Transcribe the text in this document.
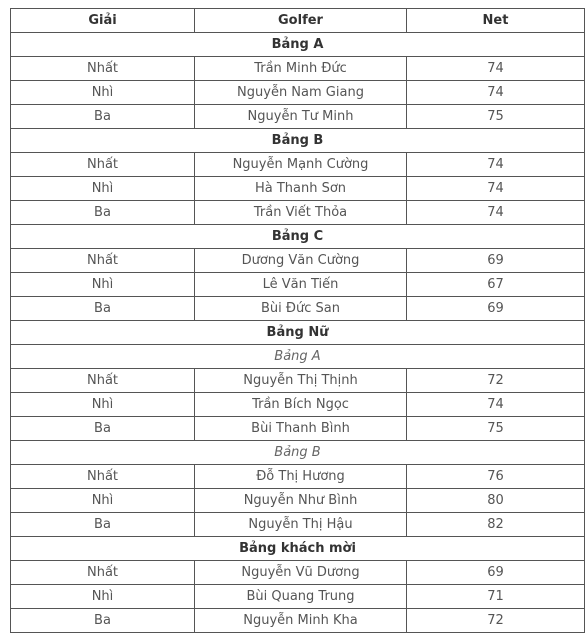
Giải	Golfer	Net
Bảng A		
Nhất	Trần Minh Đức	74
Nhì	Nguyễn Nam Giang	74
Ba	Nguyễn Tư Minh	75
Bảng B		
Nhất	Nguyễn Mạnh Cường	74
Nhì	Hà Thanh Sơn	74
Ba	Trần Viết Thỏa	74
Bảng C		
Nhất	Dương Văn Cường	69
Nhì	Lê Văn Tiến	67
Ba	Bùi Đức San	69
Bảng Nữ		
Bảng A		
Nhất	Nguyễn Thị Thịnh	72
Nhì	Trần Bích Ngọc	74
Ba	Bùi Thanh Bình	75
Bảng B		
Nhất	Đỗ Thị Hương	76
Nhì	Nguyễn Như Bình	80
Ba	Nguyễn Thị Hậu	82
Bảng khách mời		
Nhất	Nguyễn Vũ Dương	69
Nhì	Bùi Quang Trung	71
Ba	Nguyễn Minh Kha	72
